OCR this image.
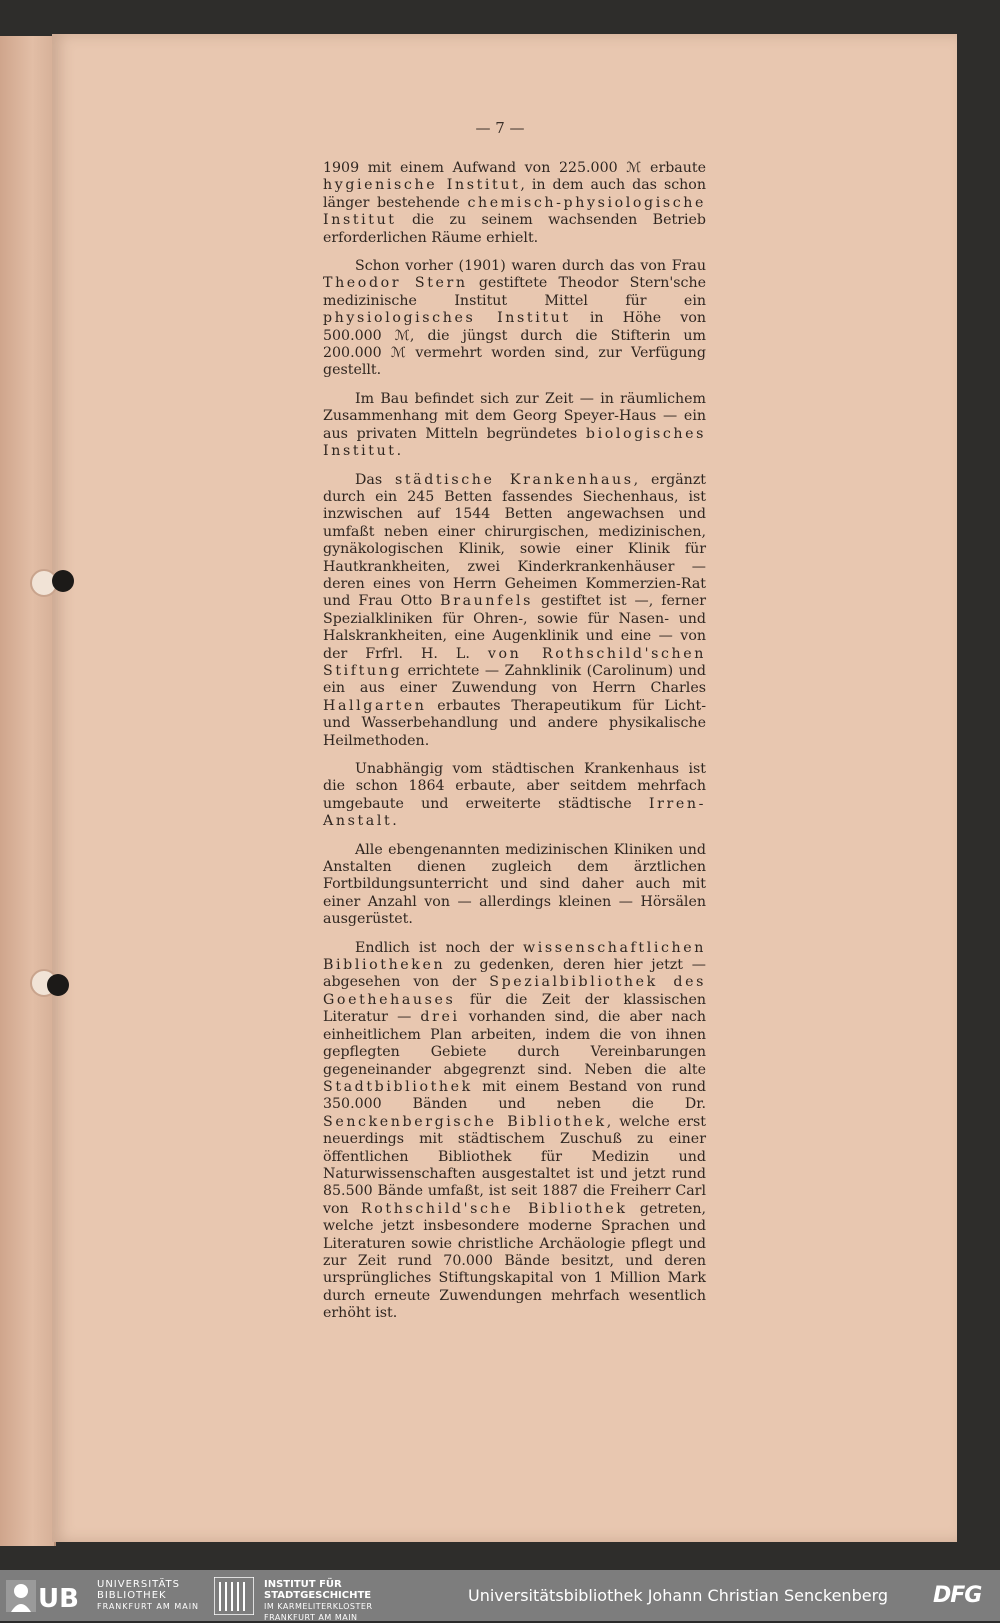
— 7 —

1909 mit einem Aufwand von 225.000 ℳ erbaute hygienische Institut, in dem auch das schon länger bestehende chemisch-physiologische Institut die zu seinem wachsenden Betrieb erforderlichen Räume erhielt.

Schon vorher (1901) waren durch das von Frau Theodor Stern gestiftete Theodor Stern'sche medizinische Institut Mittel für ein physiologisches Institut in Höhe von 500.000 ℳ, die jüngst durch die Stifterin um 200.000 ℳ vermehrt worden sind, zur Verfügung gestellt.

Im Bau befindet sich zur Zeit — in räumlichem Zusammenhang mit dem Georg Speyer-Haus — ein aus privaten Mitteln begründetes biologisches Institut.

Das städtische Krankenhaus, ergänzt durch ein 245 Betten fassendes Siechenhaus, ist inzwischen auf 1544 Betten angewachsen und umfaßt neben einer chirurgischen, medizinischen, gynäkologischen Klinik, sowie einer Klinik für Hautkrankheiten, zwei Kinderkrankenhäuser — deren eines von Herrn Geheimen Kommerzien-Rat und Frau Otto Braunfels gestiftet ist —, ferner Spezialkliniken für Ohren-, sowie für Nasen- und Halskrankheiten, eine Augenklinik und eine — von der Frfrl. H. L. von Rothschild'schen Stiftung errichtete — Zahnklinik (Carolinum) und ein aus einer Zuwendung von Herrn Charles Hallgarten erbautes Therapeutikum für Licht- und Wasserbehandlung und andere physikalische Heilmethoden.

Unabhängig vom städtischen Krankenhaus ist die schon 1864 erbaute, aber seitdem mehrfach umgebaute und erweiterte städtische Irren-Anstalt.

Alle ebengenannten medizinischen Kliniken und Anstalten dienen zugleich dem ärztlichen Fortbildungsunterricht und sind daher auch mit einer Anzahl von — allerdings kleinen — Hörsälen ausgerüstet.

Endlich ist noch der wissenschaftlichen Bibliotheken zu gedenken, deren hier jetzt — abgesehen von der Spezialbibliothek des Goethehauses für die Zeit der klassischen Literatur — drei vorhanden sind, die aber nach einheitlichem Plan arbeiten, indem die von ihnen gepflegten Gebiete durch Vereinbarungen gegeneinander abgegrenzt sind. Neben die alte Stadtbibliothek mit einem Bestand von rund 350.000 Bänden und neben die Dr. Senckenbergische Bibliothek, welche erst neuerdings mit städtischem Zuschuß zu einer öffentlichen Bibliothek für Medizin und Naturwissenschaften ausgestaltet ist und jetzt rund 85.500 Bände umfaßt, ist seit 1887 die Freiherr Carl von Rothschild'sche Bibliothek getreten, welche jetzt insbesondere moderne Sprachen und Literaturen sowie christliche Archäologie pflegt und zur Zeit rund 70.000 Bände besitzt, und deren ursprüngliches Stiftungskapital von 1 Million Mark durch erneute Zuwendungen mehrfach wesentlich erhöht ist.

UB UNIVERSITÄTS
BIBLIOTHEK
FRANKFURT AM MAIN
INSTITUT FÜR
STADTGESCHICHTE
IM KARMELITERKLOSTER
FRANKFURT AM MAIN
Universitätsbibliothek Johann Christian Senckenberg DFG
